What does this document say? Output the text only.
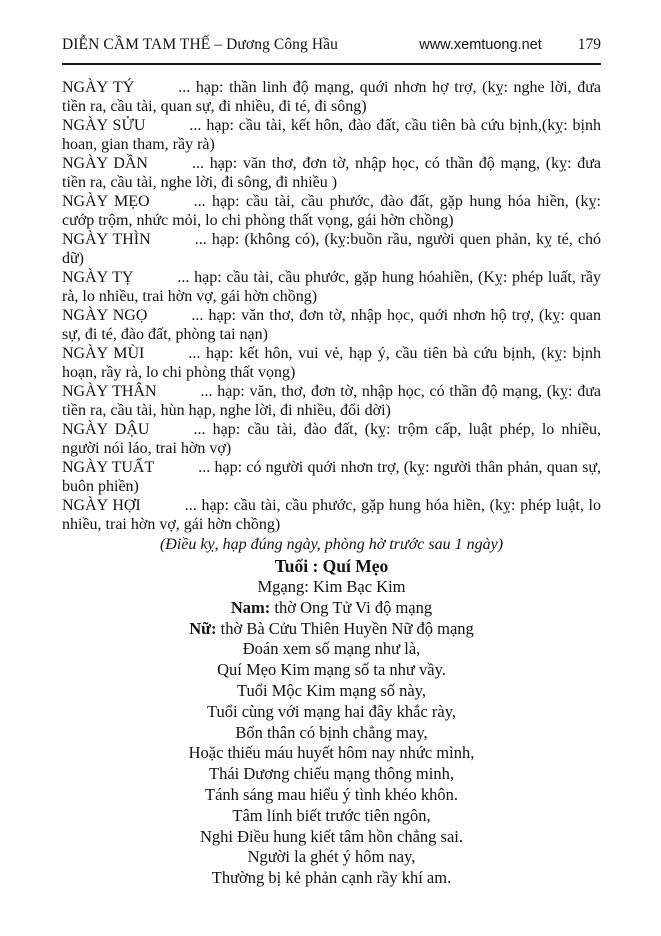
DIỄN CẦM TAM THẾ – Dương Công Hầu	www.xemtuong.net 179

NGÀY TÝ	... hạp: thần linh độ mạng, quới nhơn hợ trợ, (kỵ: nghe lời, đưa tiền ra, cầu tài, quan sự, đi nhiều, đi té, đi sông)

NGÀY SỬU	... hạp: cầu tài, kết hôn, đào đất, cầu tiên bà cứu bịnh,(kỵ: bịnh hoan, gian tham, rầy rà)

NGÀY DẦN	... hạp: văn thơ, đơn tờ, nhập học, có thần độ mạng, (kỵ: đưa tiền ra, cầu tài, nghe lời, đi sông, đi nhiều )

NGÀY MẸO	... hạp: cầu tài, cầu phước, đào đất, gặp hung hóa hiền, (kỵ: cướp trộm, nhức mỏi, lo chi phòng thất vọng, gái hờn chồng)

NGÀY THÌN	... hạp: (không có), (kỵ:buồn rầu, người quen phản, kỵ té, chó dữ)

NGÀY TỴ	... hạp: cầu tài, cầu phước, gặp hung hóahiền, (Kỵ: phép luất, rầy rà, lo nhiều, trai hờn vợ, gái hờn chồng)

NGÀY NGỌ	... hạp: văn thơ, đơn tờ, nhập học, quới nhơn hộ trợ, (kỵ: quan sự, đi té, đào đất, phòng tai nạn)

NGÀY MÙI	... hạp: kết hôn, vui vẻ, hạp ý, cầu tiên bà cứu bịnh, (kỵ: bịnh hoạn, rầy rà, lo chi phòng thất vọng)

NGÀY THÂN	... hạp: văn, thơ, đơn tờ, nhập học, có thần độ mạng, (kỵ: đưa tiền ra, cầu tài, hùn hạp, nghe lời, đi nhiều, đổi dời)

NGÀY DẬU	... hạp: cầu tài, đào đất, (kỵ: trộm cấp, luật phép, lo nhiều, người nói láo, trai hờn vợ)

NGÀY TUẤT	... hạp: có người quới nhơn trợ, (kỵ: người thân phản, quan sự, buôn phiền)

NGÀY HỢI	... hạp: cầu tài, cầu phước, gặp hung hóa hiền, (kỵ: phép luật, lo nhiều, trai hờn vợ, gái hờn chồng)

(Điều kỵ, hạp đúng ngày, phòng hờ trước sau 1 ngày)

Tuổi : Quí Mẹo

Mgạng: Kim Bạc Kim
Nam: thờ Ong Tử Vi độ mạng
Nữ: thờ Bà Cửu Thiên Huyền Nữ độ mạng
Đoán xem số mạng như là,
Quí Mẹo Kim mạng số ta như vầy.
Tuổi Mộc Kim mạng số này,
Tuổi cùng với mạng hai đây khắc rày,
Bổn thân có bịnh chẳng may,
Hoặc thiếu máu huyết hôm nay nhức mình,
Thái Dương chiếu mạng thông minh,
Tánh sáng mau hiểu ý tình khéo khôn.
Tâm linh biết trước tiên ngôn,
Nghi Điều hung kiết tâm hồn chẳng sai.
Người la ghét ý hôm nay,
Thường bị kẻ phản cạnh rầy khí am.
